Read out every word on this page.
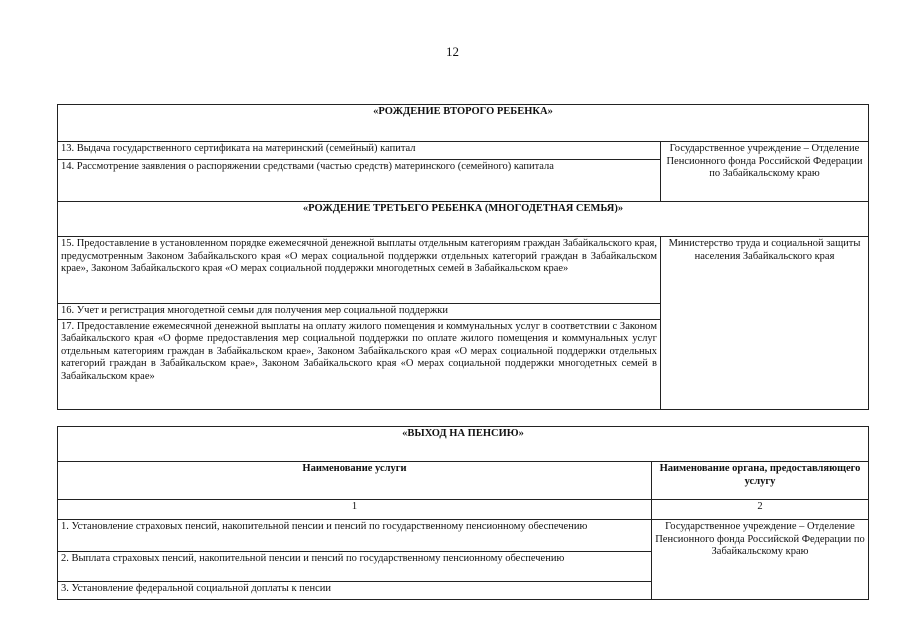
12
«РОЖДЕНИЕ ВТОРОГО РЕБЕНКА»	
13. Выдача государственного сертификата на материнский (семейный) капитал	Государственное учреждение – Отделение Пенсионного фонда Российской Федерации по Забайкальскому краю
14. Рассмотрение заявления о распоряжении средствами (частью средств) материнского (семейного) капитала	
«РОЖДЕНИЕ ТРЕТЬЕГО РЕБЕНКА (МНОГОДЕТНАЯ СЕМЬЯ)»	
15. Предоставление в установленном порядке ежемесячной денежной выплаты отдельным категориям граждан Забайкальского края, предусмотренным Законом Забайкальского края «О мерах социальной поддержки отдельных категорий граждан в Забайкальском крае», Законом Забайкальского края «О мерах социальной поддержки многодетных семей в Забайкальском крае»	Министерство труда и социальной защиты населения Забайкальского края
16. Учет и регистрация многодетной семьи для получения мер социальной поддержки	
17. Предоставление ежемесячной денежной выплаты на оплату жилого помещения и коммунальных услуг в соответствии с Законом Забайкальского края «О форме предоставления мер социальной поддержки по оплате жилого помещения и коммунальных услуг отдельным категориям граждан в Забайкальском крае», Законом Забайкальского края «О мерах социальной поддержки отдельных категорий граждан в Забайкальском крае», Законом Забайкальского края «О мерах социальной поддержки многодетных семей в Забайкальском крае»	
«ВЫХОД НА ПЕНСИЮ»	
Наименование услуги	Наименование органа, предоставляющего услугу
1	2
1. Установление страховых пенсий, накопительной пенсии и пенсий по государственному пенсионному обеспечению	Государственное учреждение – Отделение Пенсионного фонда Российской Федерации по Забайкальскому краю
2. Выплата страховых пенсий, накопительной пенсии и пенсий по государственному пенсионному обеспечению	
3. Установление федеральной социальной доплаты к пенсии	
